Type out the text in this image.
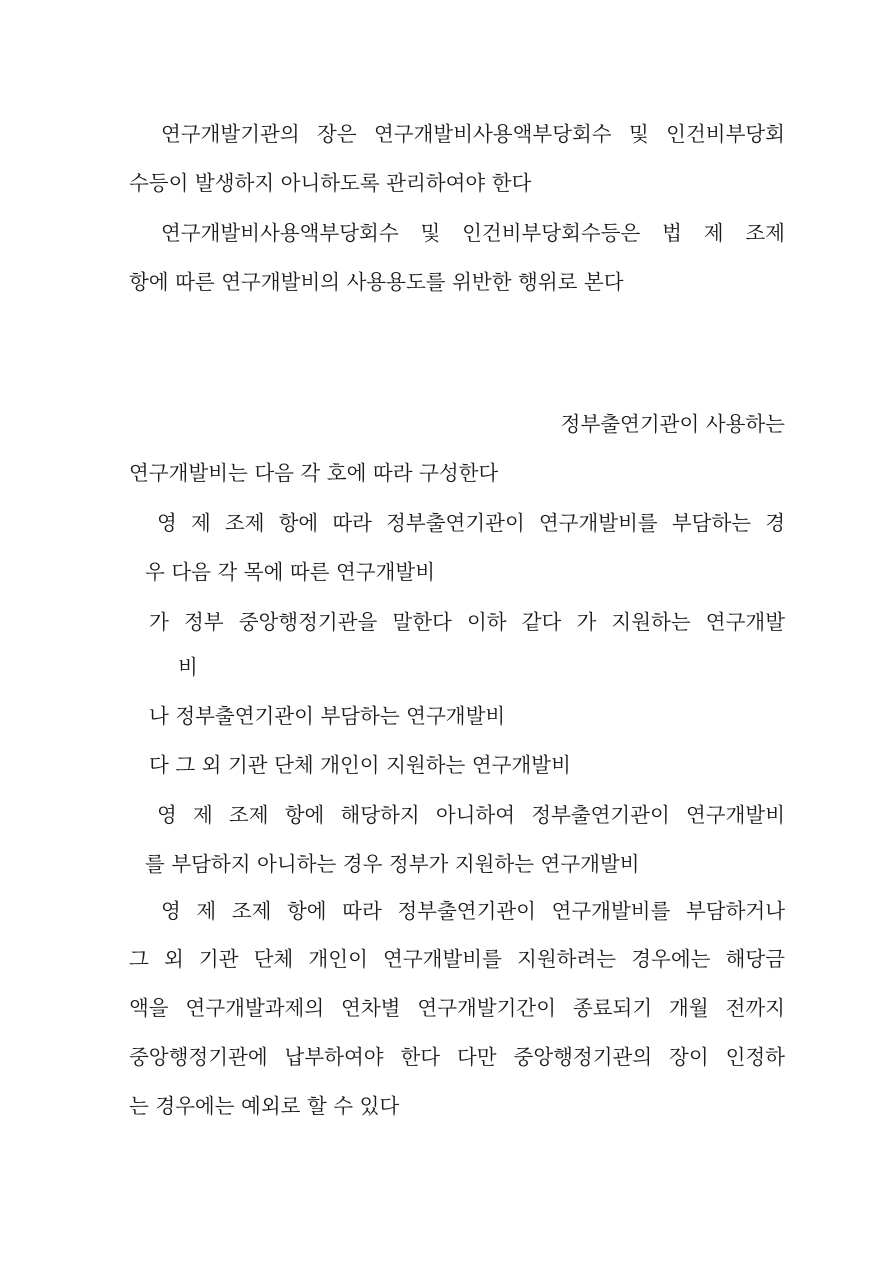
연구개발기관의 장은 연구개발비사용액부당회수 및 인건비부당회

수등이 발생하지 아니하도록 관리하여야 한다

연구개발비사용액부당회수 및 인건비부당회수등은 법 제 조제

항에 따른 연구개발비의 사용용도를 위반한 행위로 본다

정부출연기관이 사용하는

연구개발비는 다음 각 호에 따라 구성한다

영 제 조제 항에 따라 정부출연기관이 연구개발비를 부담하는 경

우 다음 각 목에 따른 연구개발비

가 정부 중앙행정기관을 말한다 이하 같다 가 지원하는 연구개발

비

나 정부출연기관이 부담하는 연구개발비

다 그 외 기관 단체 개인이 지원하는 연구개발비

영 제 조제 항에 해당하지 아니하여 정부출연기관이 연구개발비

를 부담하지 아니하는 경우 정부가 지원하는 연구개발비

영 제 조제 항에 따라 정부출연기관이 연구개발비를 부담하거나

그 외 기관 단체 개인이 연구개발비를 지원하려는 경우에는 해당금

액을 연구개발과제의 연차별 연구개발기간이 종료되기 개월 전까지

중앙행정기관에 납부하여야 한다 다만 중앙행정기관의 장이 인정하

는 경우에는 예외로 할 수 있다
